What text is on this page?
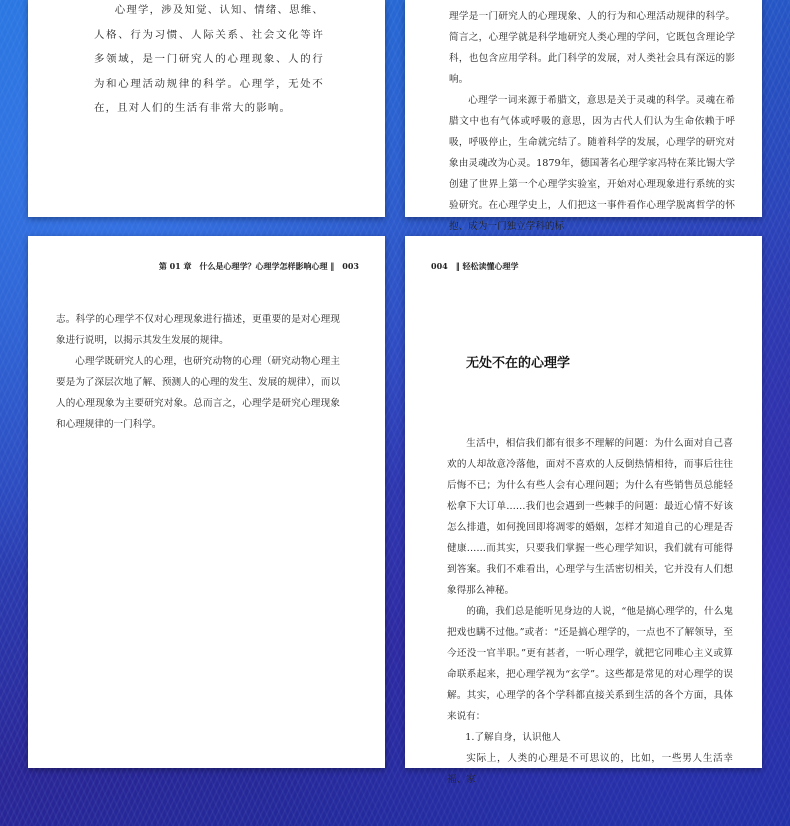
心理学，涉及知觉、认知、情绪、思维、人格、行为习惯、人际关系、社会文化等许多领域，是一门研究人的心理现象、人的行为和心理活动规律的科学。心理学，无处不在，且对人们的生活有非常大的影响。

理学是一门研究人的心理现象、人的行为和心理活动规律的科学。简言之，心理学就是科学地研究人类心理的学问，它既包含理论学科，也包含应用学科。此门科学的发展，对人类社会具有深远的影响。

心理学一词来源于希腊文，意思是关于灵魂的科学。灵魂在希腊文中也有气体或呼吸的意思，因为古代人们认为生命依赖于呼吸，呼吸停止，生命就完结了。随着科学的发展，心理学的研究对象由灵魂改为心灵。1879年，德国著名心理学家冯特在莱比锡大学创建了世界上第一个心理学实验室，开始对心理现象进行系统的实验研究。在心理学史上，人们把这一事件看作心理学脱离哲学的怀抱、成为一门独立学科的标

第 01 章　什么是心理学？心理学怎样影响心理 ‖　003

志。科学的心理学不仅对心理现象进行描述，更重要的是对心理现象进行说明，以揭示其发生发展的规律。

心理学既研究人的心理，也研究动物的心理（研究动物心理主要是为了深层次地了解、预测人的心理的发生、发展的规律），而以人的心理现象为主要研究对象。总而言之，心理学是研究心理现象和心理规律的一门科学。

004　‖ 轻松读懂心理学
无处不在的心理学

生活中，相信我们都有很多不理解的问题：为什么面对自己喜欢的人却故意冷落他，面对不喜欢的人反倒热情相待，而事后往往后悔不已；为什么有些人会有心理问题；为什么有些销售员总能轻松拿下大订单……我们也会遇到一些棘手的问题：最近心情不好该怎么排遣，如何挽回即将凋零的婚姻，怎样才知道自己的心理是否健康……而其实，只要我们掌握一些心理学知识，我们就有可能得到答案。我们不难看出，心理学与生活密切相关，它并没有人们想象得那么神秘。

的确，我们总是能听见身边的人说，“他是搞心理学的，什么鬼把戏也瞒不过他。”或者：“还是搞心理学的，一点也不了解领导，至今还没一官半职。”更有甚者，一听心理学，就把它同唯心主义或算命联系起来，把心理学视为“玄学”。这些都是常见的对心理学的误解。其实，心理学的各个学科都直接关系到生活的各个方面，具体来说有：

1.了解自身，认识他人

实际上，人类的心理是不可思议的，比如，一些男人生活幸福、家
